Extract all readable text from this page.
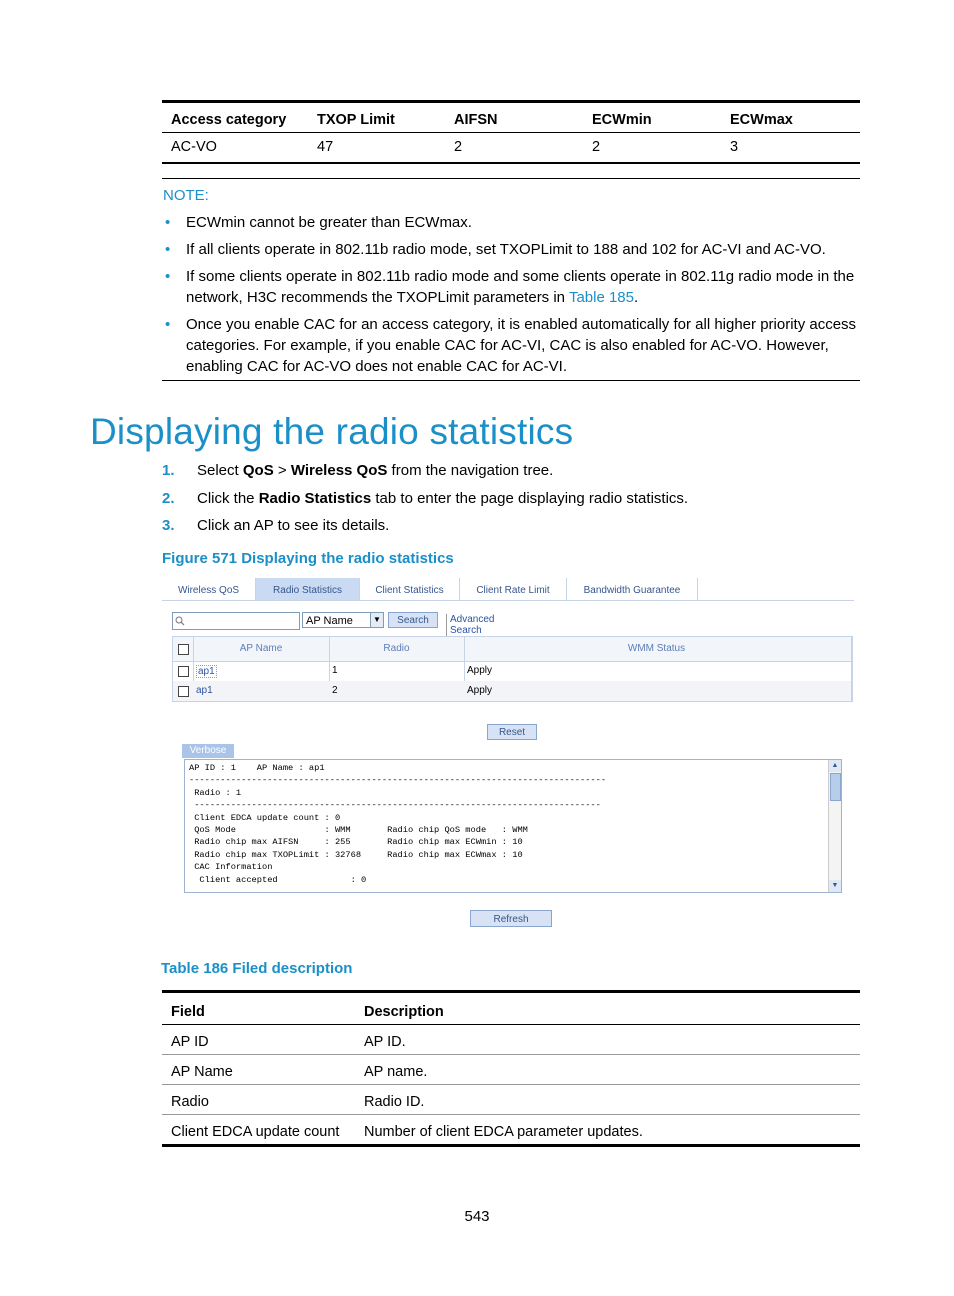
Access category	TXOP Limit	AIFSN	ECWmin	ECWmax
AC-VO	47	2	2	3
NOTE:
• ECWmin cannot be greater than ECWmax.
• If all clients operate in 802.11b radio mode, set TXOPLimit to 188 and 102 for AC-VI and AC-VO.
• If some clients operate in 802.11b radio mode and some clients operate in 802.11g radio mode in the network, H3C recommends the TXOPLimit parameters in Table 185.
• Once you enable CAC for an access category, it is enabled automatically for all higher priority access categories. For example, if you enable CAC for AC-VI, CAC is also enabled for AC-VO. However, enabling CAC for AC-VO does not enable CAC for AC-VI.
Displaying the radio statistics
1. Select QoS > Wireless QoS from the navigation tree.
2. Click the Radio Statistics tab to enter the page displaying radio statistics.
3. Click an AP to see its details.
Figure 571 Displaying the radio statistics
Wireless QoS	Radio Statistics	Client Statistics	Client Rate Limit	Bandwidth Guarantee
AP Name	▼	Search	Advanced Search
AP Name	Radio	WMM Status
ap1	1	Apply
ap1	2	Apply
Reset
Verbose
AP ID : 1    AP Name : ap1
--------------------------------------------------------------------------------
Radio : 1
------------------------------------------------------------------------------
Client EDCA update count : 0
QoS Mode                 : WMM       Radio chip QoS mode   : WMM
Radio chip max AIFSN     : 255       Radio chip max ECWmin : 10
Radio chip max TXOPLimit : 32768     Radio chip max ECWmax : 10
CAC Information
Client accepted              : 0
▲
▼
Refresh
Table 186 Filed description
Field	Description
AP ID	AP ID.
AP Name	AP name.
Radio	Radio ID.
Client EDCA update count	Number of client EDCA parameter updates.
543
